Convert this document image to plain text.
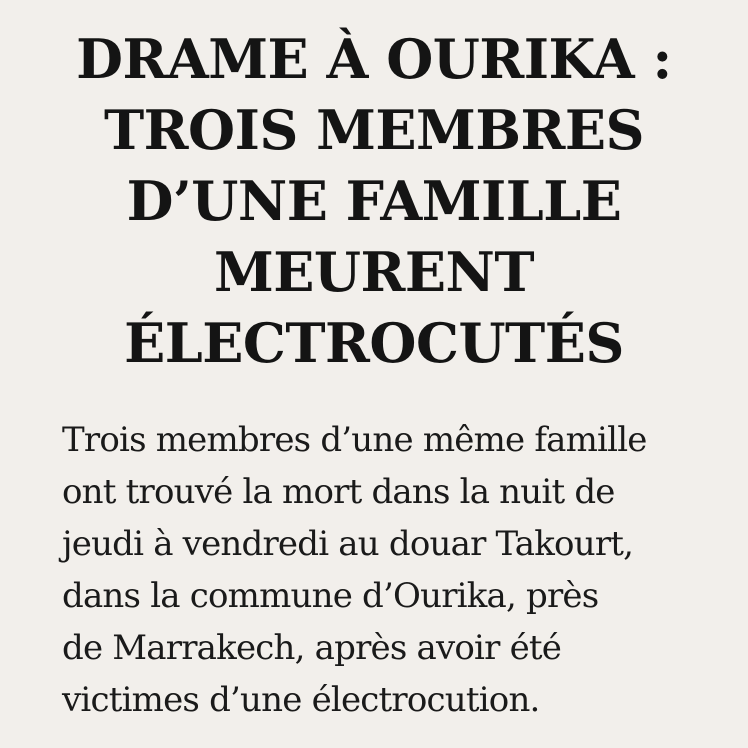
DRAME À OURIKA :
TROIS MEMBRES
D’UNE FAMILLE
MEURENT
ÉLECTROCUTÉS

Trois membres d’une même famille
ont trouvé la mort dans la nuit de
jeudi à vendredi au douar Takourt,
dans la commune d’Ourika, près
de Marrakech, après avoir été
victimes d’une électrocution.
